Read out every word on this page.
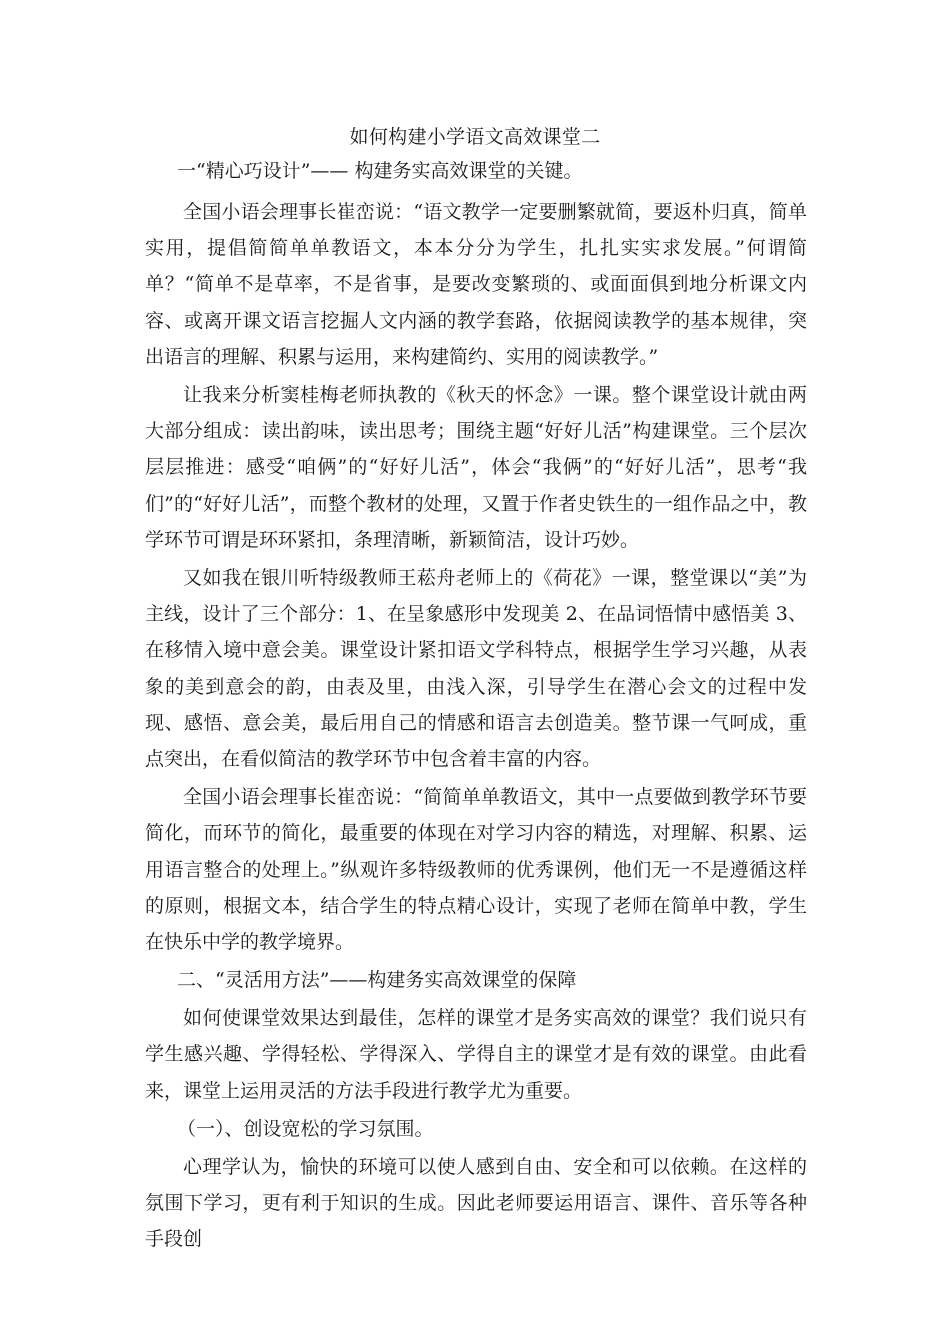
如何构建小学语文高效课堂二

一“精心巧设计”—— 构建务实高效课堂的关键。

全国小语会理事长崔峦说：“语文教学一定要删繁就简，要返朴归真，简单实用，提倡简简单单教语文，本本分分为学生，扎扎实实求发展。”何谓简单？“简单不是草率，不是省事，是要改变繁琐的、或面面俱到地分析课文内容、或离开课文语言挖掘人文内涵的教学套路，依据阅读教学的基本规律，突出语言的理解、积累与运用，来构建简约、实用的阅读教学。”

让我来分析窦桂梅老师执教的《秋天的怀念》一课。整个课堂设计就由两大部分组成：读出韵味，读出思考；围绕主题“好好儿活”构建课堂。三个层次层层推进：感受“咱俩”的“好好儿活”，体会“我俩”的“好好儿活”，思考“我们”的“好好儿活”，而整个教材的处理，又置于作者史铁生的一组作品之中，教学环节可谓是环环紧扣，条理清晰，新颖简洁，设计巧妙。

又如我在银川听特级教师王菘舟老师上的《荷花》一课，整堂课以“美”为主线，设计了三个部分：1、在呈象感形中发现美 2、在品词悟情中感悟美 3、在移情入境中意会美。课堂设计紧扣语文学科特点，根据学生学习兴趣，从表象的美到意会的韵，由表及里，由浅入深，引导学生在潜心会文的过程中发现、感悟、意会美，最后用自己的情感和语言去创造美。整节课一气呵成，重点突出，在看似简洁的教学环节中包含着丰富的内容。

全国小语会理事长崔峦说：“简简单单教语文，其中一点要做到教学环节要简化，而环节的简化，最重要的体现在对学习内容的精选，对理解、积累、运用语言整合的处理上。”纵观许多特级教师的优秀课例，他们无一不是遵循这样的原则，根据文本，结合学生的特点精心设计，实现了老师在简单中教，学生在快乐中学的教学境界。

二、“灵活用方法”——构建务实高效课堂的保障

如何使课堂效果达到最佳，怎样的课堂才是务实高效的课堂？我们说只有学生感兴趣、学得轻松、学得深入、学得自主的课堂才是有效的课堂。由此看来，课堂上运用灵活的方法手段进行教学尤为重要。

（一）、创设宽松的学习氛围。

心理学认为，愉快的环境可以使人感到自由、安全和可以依赖。在这样的氛围下学习，更有利于知识的生成。因此老师要运用语言、课件、音乐等各种手段创
